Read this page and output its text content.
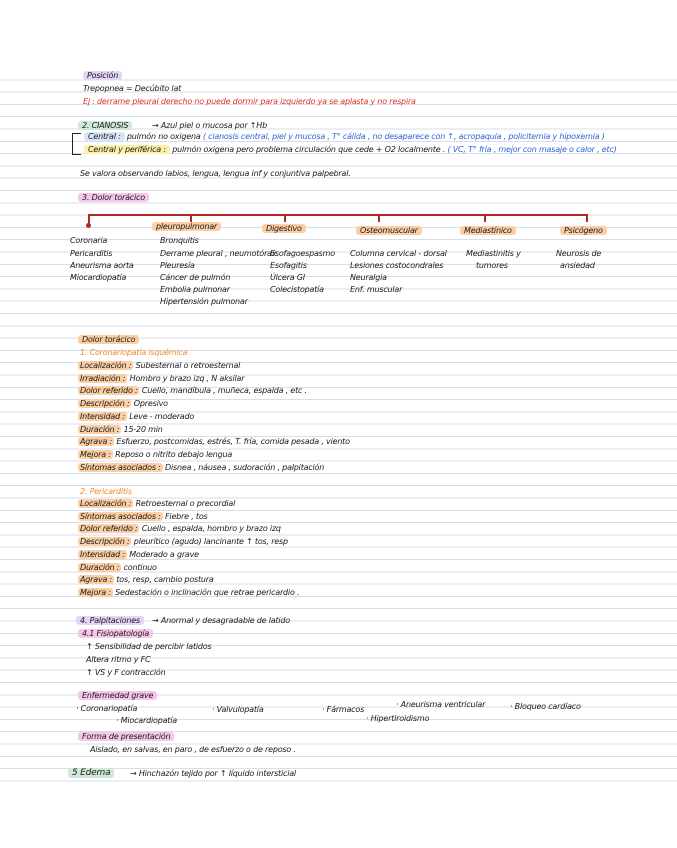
Posición
Trepopnea = Decúbito lat
Ej : derrame pleural derecho no puede dormir para izquierdo ya se aplasta y no respira
2. CIANOSIS	→ Azul piel o mucosa por ↑Hb
Central : pulmón no oxigena ( cianosis central, piel y mucosa , T° cálida , no desaparece con ↑, acropaquia , policitemia y hipoxemia )
Central y periférica : pulmón oxigena pero problema circulación que cede + O2 localmente . ( VC, T° fría , mejor con masaje o calor , etc)
Se valora observando labios, lengua, lengua inf y conjuntiva palpebral.
3. Dolor torácico
Coronaria
Pericarditis
Aneurisma aorta
Miocardiopatía
pleuropulmonar
Bronquitis
Derrame pleural , neumotórax
Pleuresía
Cáncer de pulmón
Embolia pulmonar
Hipertensión pulmonar
Digestivo
Esofagoespasmo
Esofagitis
Úlcera GI
Colecistopatía
Osteomuscular
Columna cervical - dorsal
Lesiones costocondrales
Neuralgia
Enf. muscular
Mediastínico
Mediastinitis y
tumores
Psicógeno
Neurosis de
ansiedad
Dolor torácico
1. Coronariopatía isquémica
Localización : Subesternal o retroesternal
Irradiación : Hombro y brazo izq , N aksilar
Dolor referido : Cuello, mandíbula , muñeca, espalda , etc .
Descripción : Opresivo
Intensidad : Leve - moderado
Duración : 15-20 min
Agrava : Esfuerzo, postcomidas, estrés, T. fría, comida pesada , viento
Mejora : Reposo o nitrito debajo lengua
Síntomas asociados : Disnea , náusea , sudoración , palpitación
2. Pericarditis
Localización : Retroesternal o precordial
Síntomas asociados : Fiebre , tos
Dolor referido : Cuello , espalda, hombro y brazo izq
Descripción : pleurítico (agudo) lancinante ↑ tos, resp
Intensidad : Moderado a grave
Duración : continuo
Agrava : tos, resp, cambio postura
Mejora : Sedestación o inclinación que retrae pericardio .
4. Palpitaciones	→ Anormal y desagradable de latido
4.1 Fisiopatología
↑ Sensibilidad de percibir latidos
Altera ritmo y FC
↑ VS y F contracción
Enfermedad grave
· Coronariopatía	· Valvulopatía	· Fármacos
· Aneurisma ventricular	· Bloqueo cardíaco
· Miocardiopatía	· Hipertiroidismo
Forma de presentación
Aislado, en salvas, en paro , de esfuerzo o de reposo .
5 Edema	→ Hinchazón tejido por ↑ líquido intersticial
